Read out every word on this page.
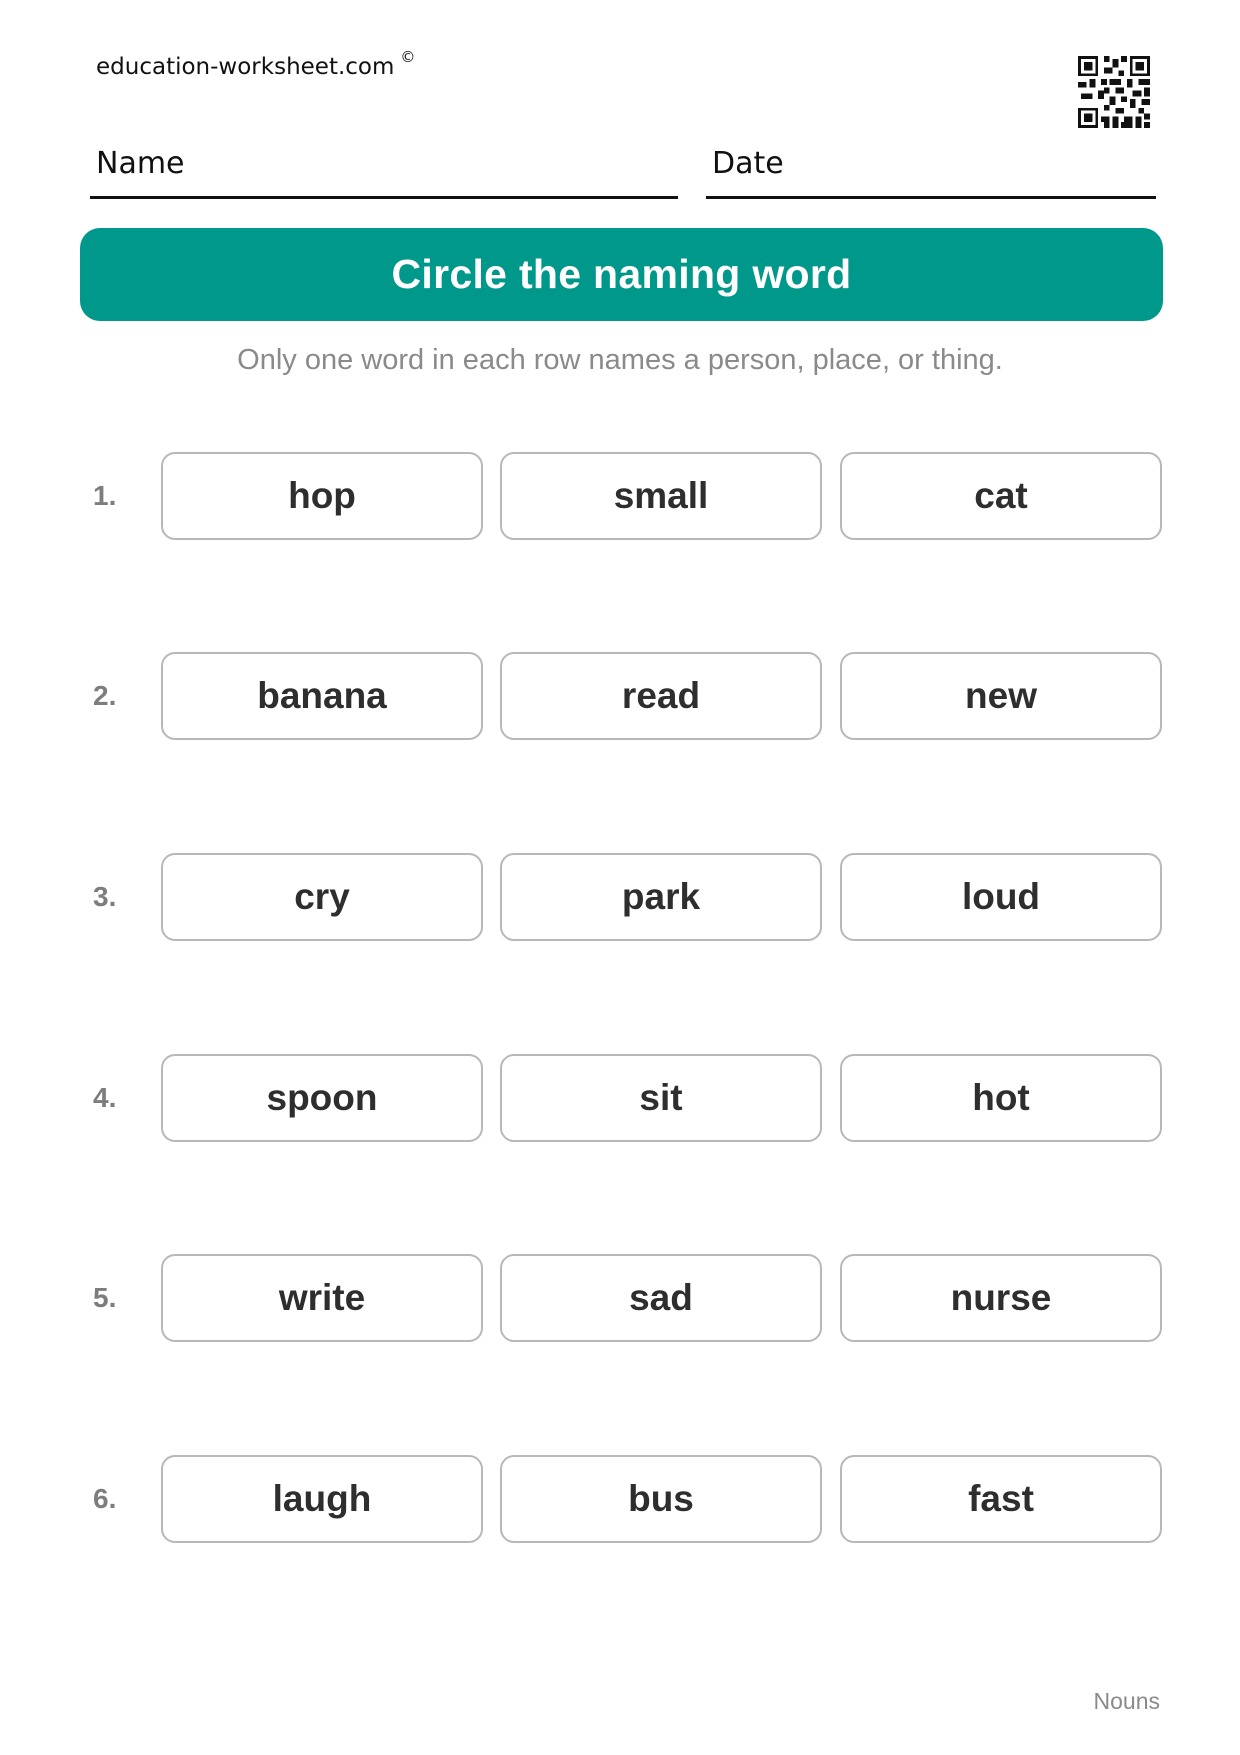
education-worksheet.com ©
Name	Date
Circle the naming word
Only one word in each row names a person, place, or thing.
1.	hop	small	cat
2.	banana	read	new
3.	cry	park	loud
4.	spoon	sit	hot
5.	write	sad	nurse
6.	laugh	bus	fast
Nouns
